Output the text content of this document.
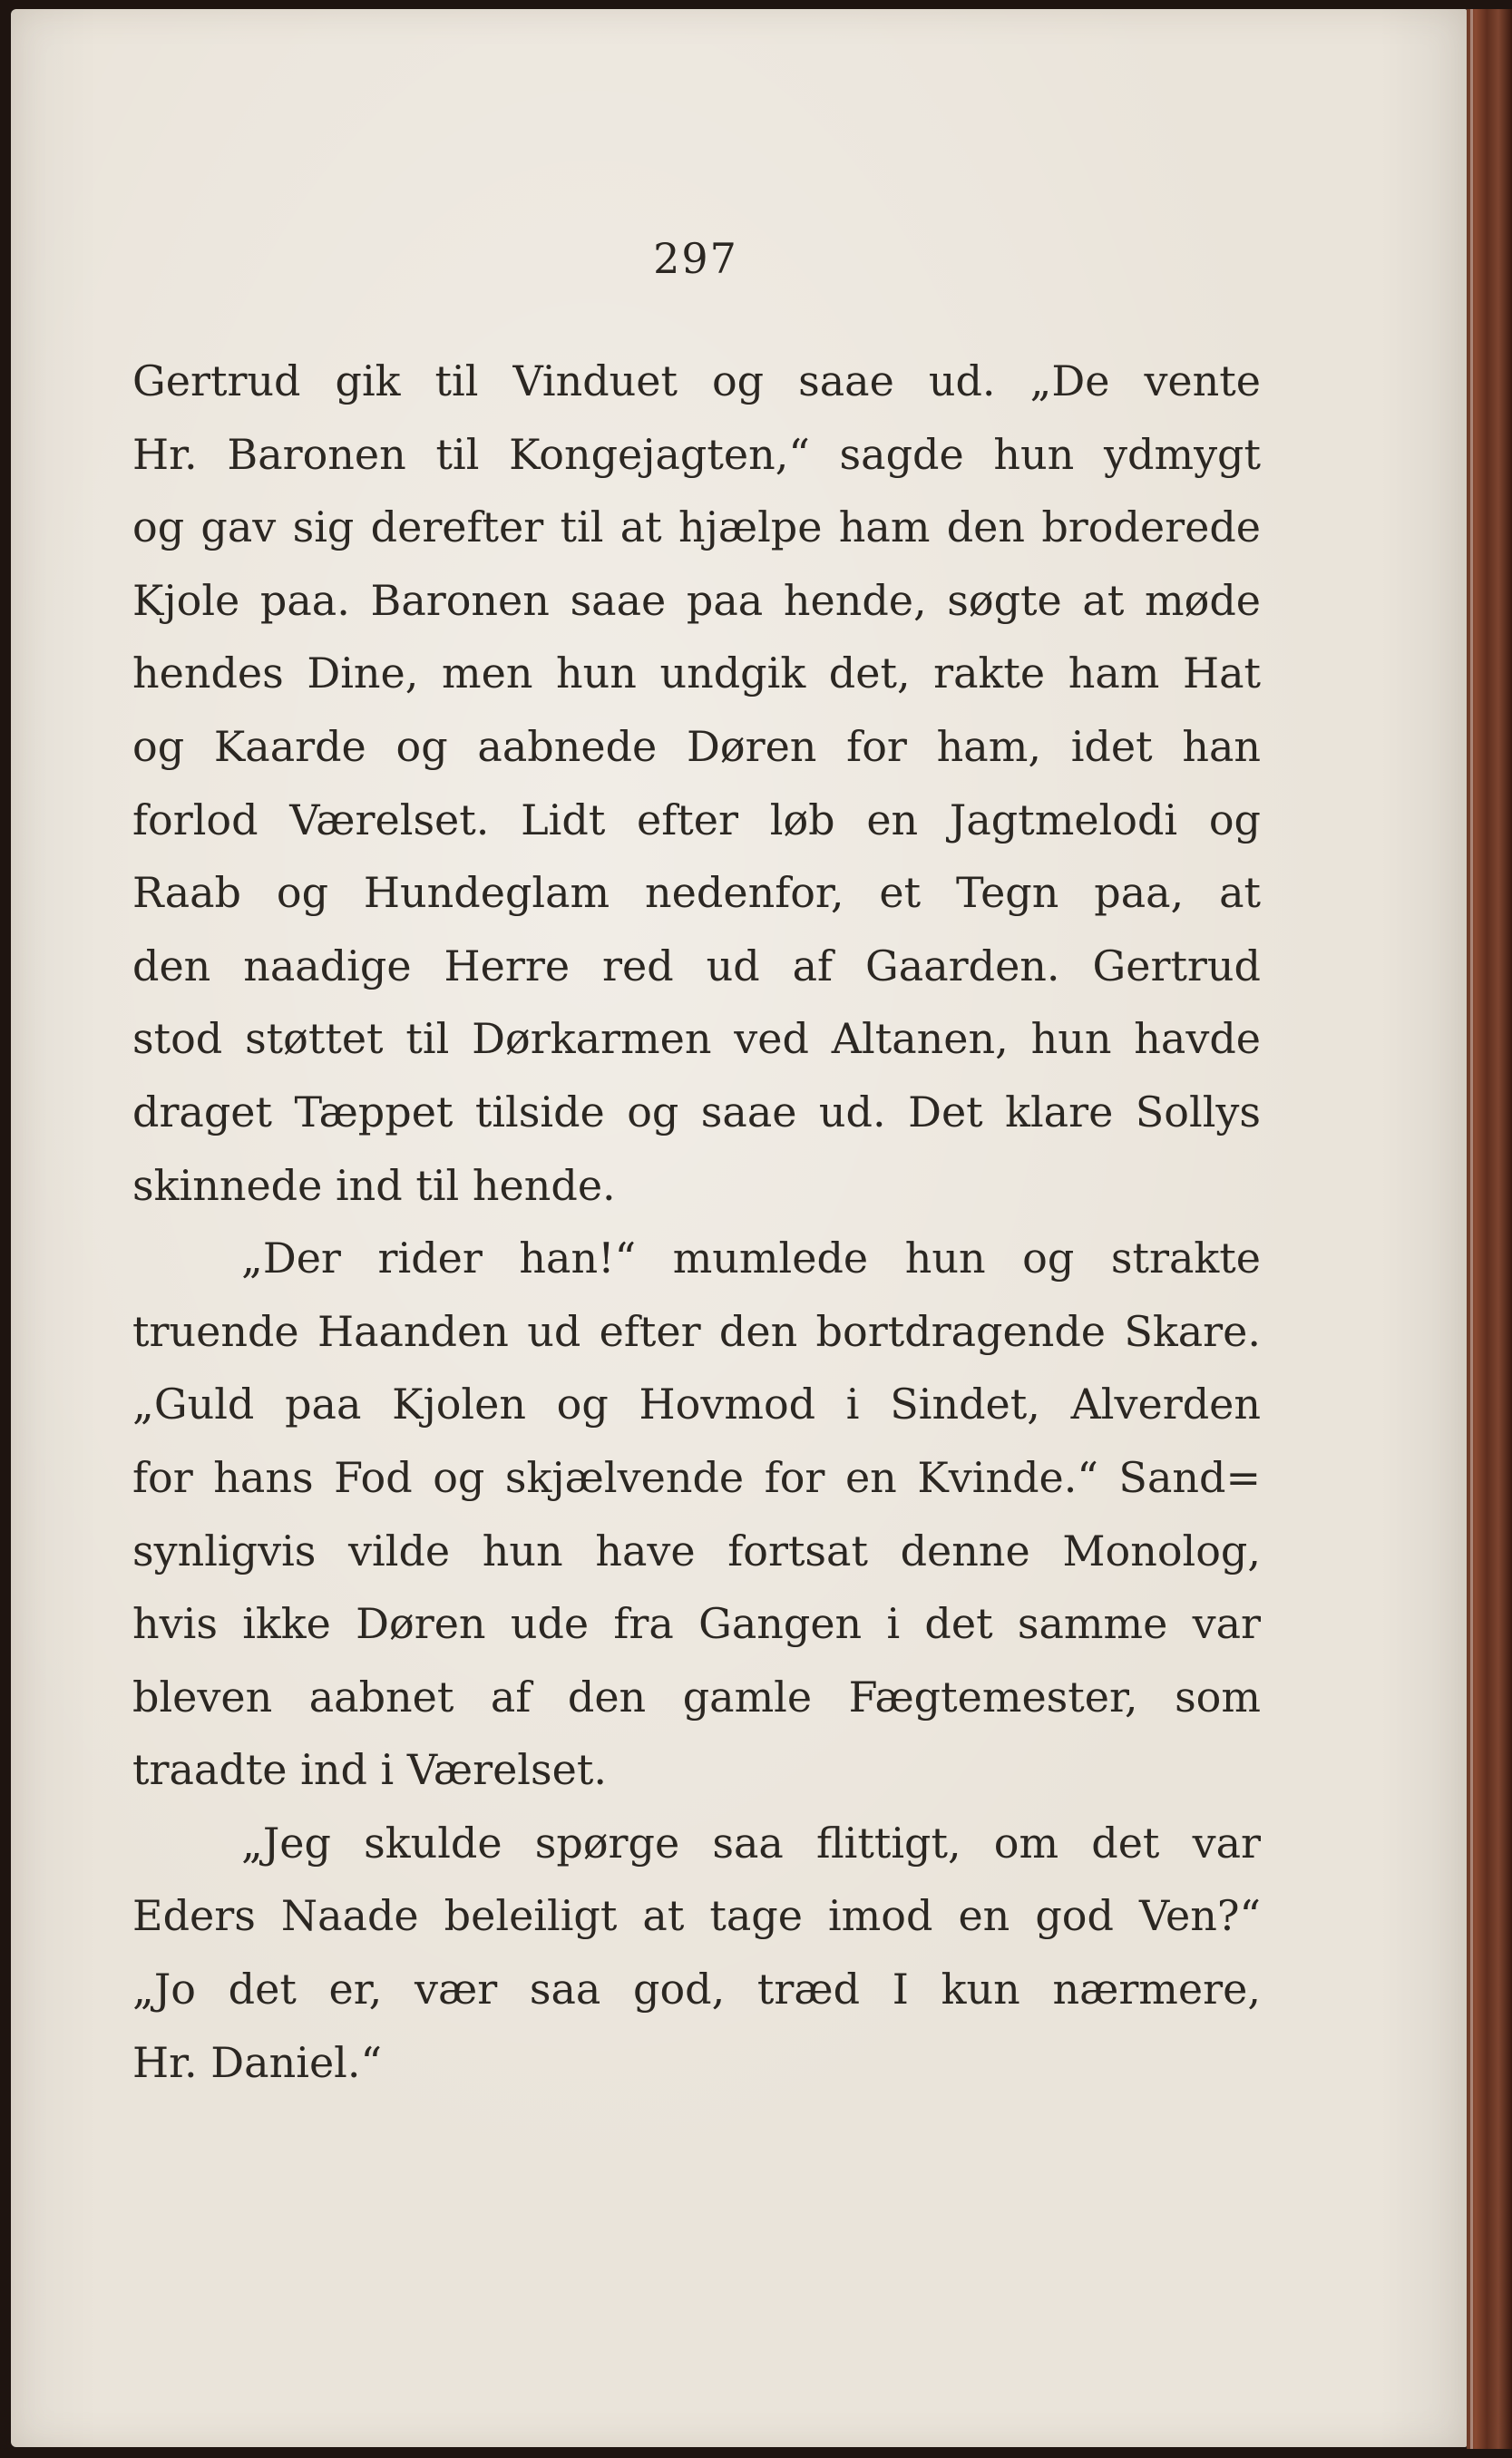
297
Gertrud gik til Vinduet og saae ud. „De vente
Hr. Baronen til Kongejagten,“ sagde hun ydmygt
og gav sig derefter til at hjælpe ham den broderede
Kjole paa. Baronen saae paa hende, søgte at møde
hendes Dine, men hun undgik det, rakte ham Hat
og Kaarde og aabnede Døren for ham, idet han
forlod Værelset. Lidt efter løb en Jagtmelodi og
Raab og Hundeglam nedenfor, et Tegn paa, at
den naadige Herre red ud af Gaarden. Gertrud
stod støttet til Dørkarmen ved Altanen, hun havde
draget Tæppet tilside og saae ud. Det klare Sollys
skinnede ind til hende.
„Der rider han!“ mumlede hun og strakte
truende Haanden ud efter den bortdragende Skare.
„Guld paa Kjolen og Hovmod i Sindet, Alverden
for hans Fod og skjælvende for en Kvinde.“ Sand=
synligvis vilde hun have fortsat denne Monolog,
hvis ikke Døren ude fra Gangen i det samme var
bleven aabnet af den gamle Fægtemester, som
traadte ind i Værelset.
„Jeg skulde spørge saa flittigt, om det var
Eders Naade beleiligt at tage imod en god Ven?“
„Jo det er, vær saa god, træd I kun nærmere,
Hr. Daniel.“
